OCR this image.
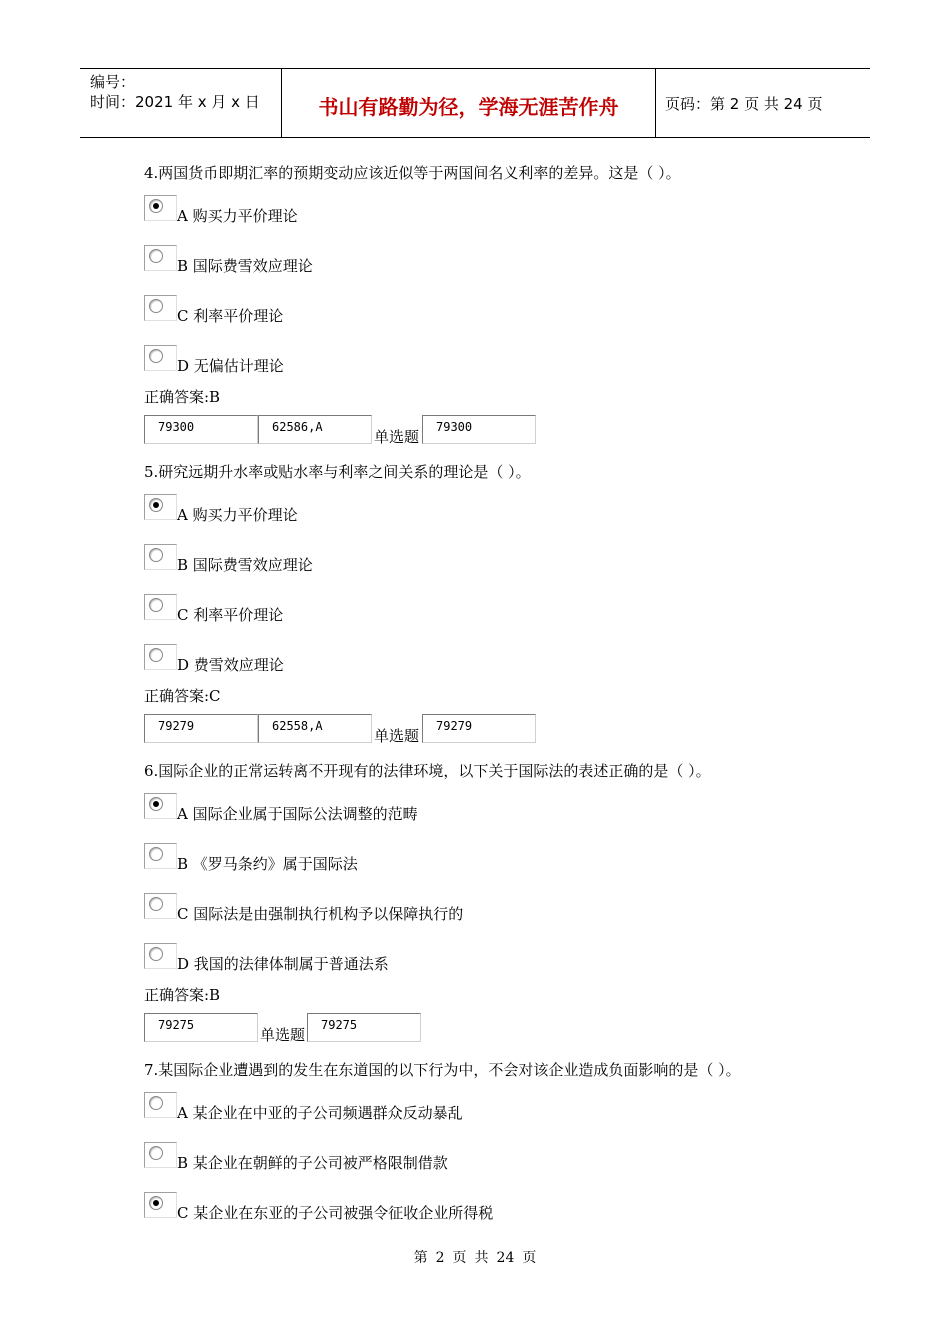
编号：
时间：2021 年 x 月 x 日	书山有路勤为径，学海无涯苦作舟	页码：第 2 页 共 24 页
4.两国货币即期汇率的预期变动应该近似等于两国间名义利率的差异。这是（ ）。
A 购买力平价理论
B 国际费雪效应理论
C 利率平价理论
D 无偏估计理论
正确答案:B
79300	62586,A
单选题
79300
5.研究远期升水率或贴水率与利率之间关系的理论是（ ）。
A 购买力平价理论
B 国际费雪效应理论
C 利率平价理论
D 费雪效应理论
正确答案:C
79279	62558,A
单选题
79279
6.国际企业的正常运转离不开现有的法律环境，以下关于国际法的表述正确的是（ ）。
A 国际企业属于国际公法调整的范畴
B 《罗马条约》属于国际法
C 国际法是由强制执行机构予以保障执行的
D 我国的法律体制属于普通法系
正确答案:B
79275
单选题
79275
7.某国际企业遭遇到的发生在东道国的以下行为中，不会对该企业造成负面影响的是（ ）。
A 某企业在中亚的子公司频遇群众反动暴乱
B 某企业在朝鲜的子公司被严格限制借款
C 某企业在东亚的子公司被强令征收企业所得税
第 2 页 共 24 页
